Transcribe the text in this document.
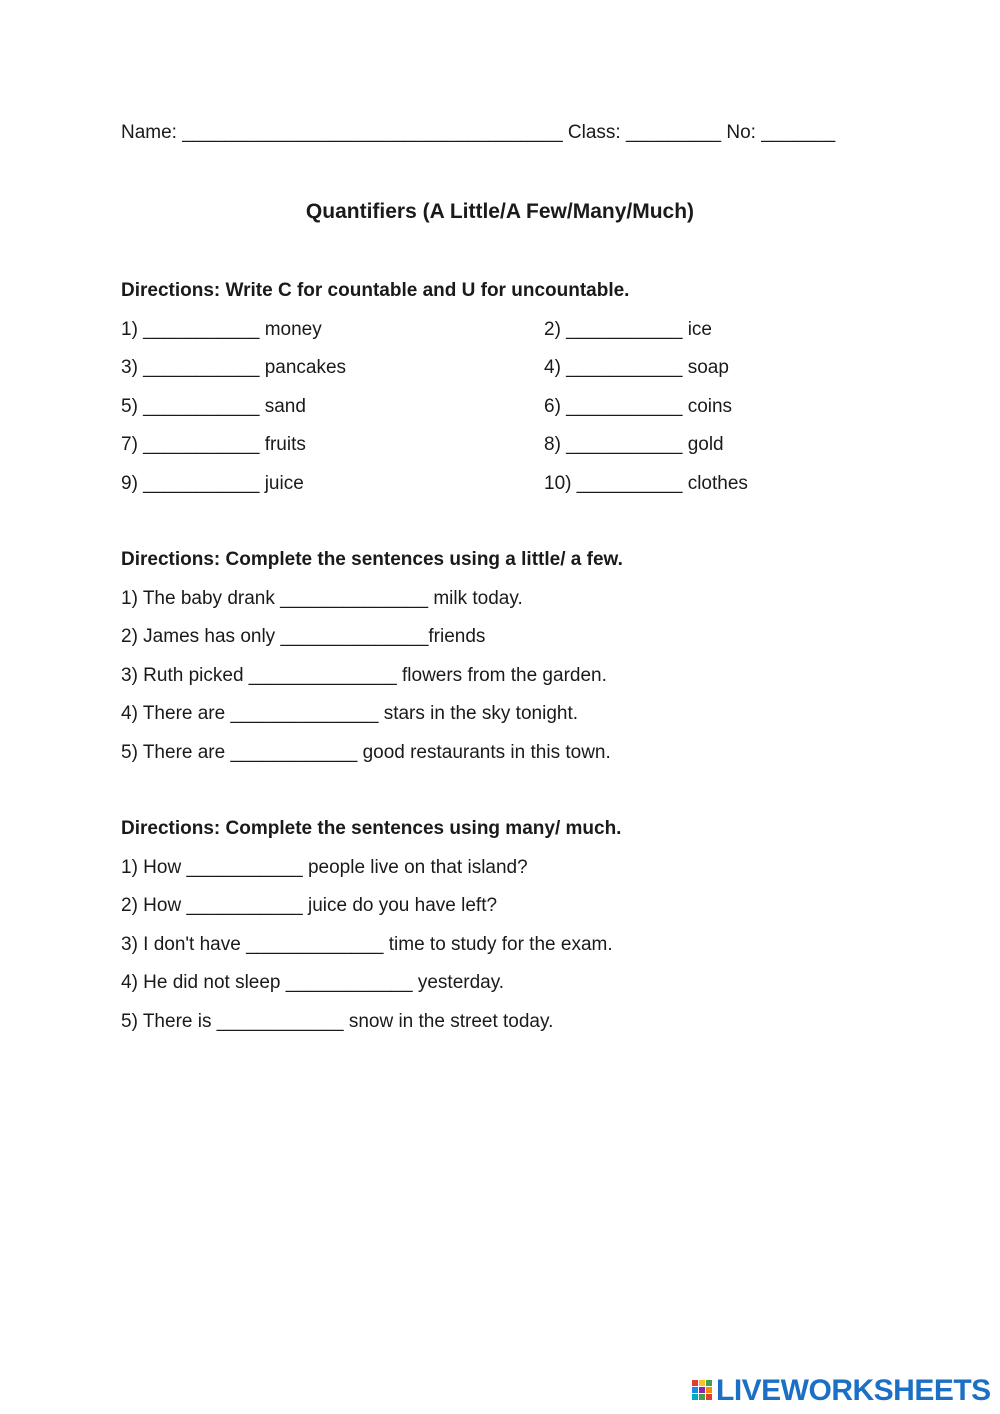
Name: ____________________________________ Class: _________ No: _______
Quantifiers (A Little/A Few/Many/Much)
Directions: Write C for countable and U for uncountable.
1) ___________ money	2) ___________ ice
3) ___________ pancakes	4) ___________ soap
5) ___________ sand	6) ___________ coins
7) ___________ fruits	8) ___________ gold
9) ___________ juice	10) __________ clothes
Directions: Complete the sentences using a little/ a few.
1) The baby drank ______________ milk today.
2) James has only ______________friends
3) Ruth picked ______________ flowers from the garden.
4) There are ______________ stars in the sky tonight.
5) There are ____________ good restaurants in this town.
Directions: Complete the sentences using many/ much.
1) How ___________ people live on that island?
2) How ___________ juice do you have left?
3) I don't have _____________ time to study for the exam.
4) He did not sleep ____________ yesterday.
5) There is ____________ snow in the street today.
LIVEWORKSHEETS
